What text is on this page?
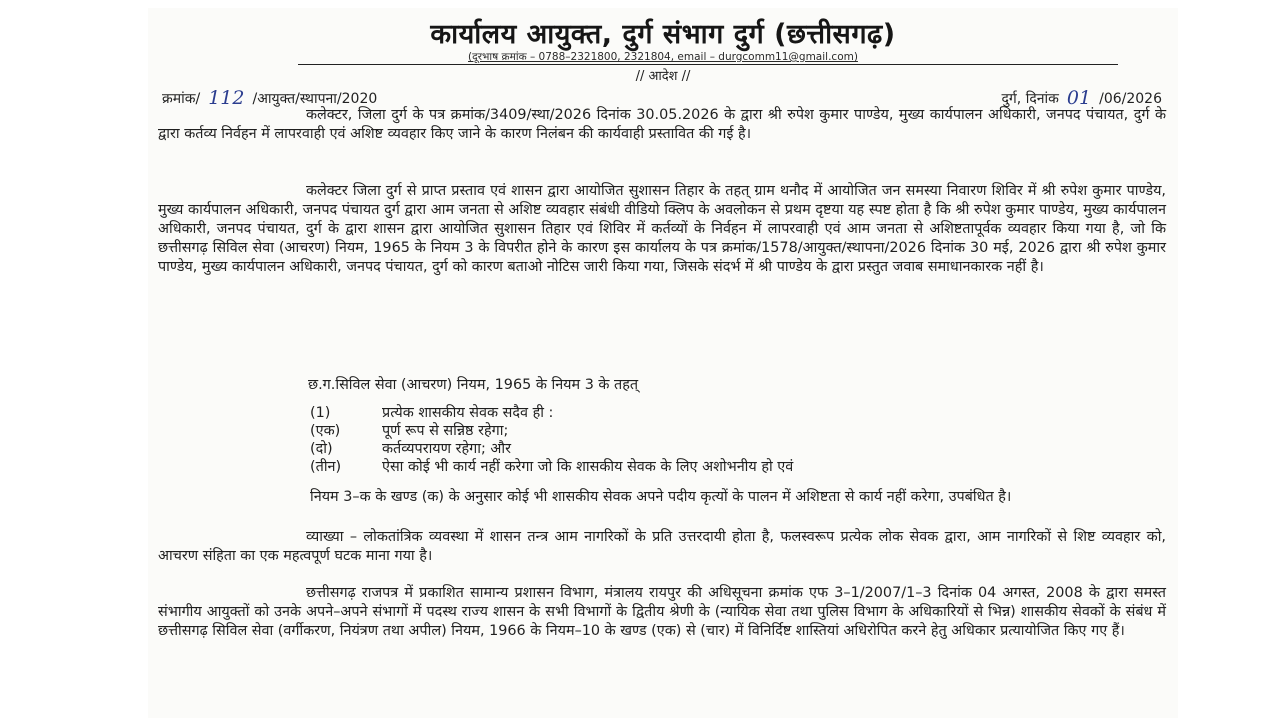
कार्यालय आयुक्त, दुर्ग संभाग दुर्ग (छत्तीसगढ़)
(दूरभाष क्रमांक – 0788–2321800, 2321804, email – durgcomm11@gmail.com)
// आदेश //
क्रमांक/ 112 /आयुक्त/स्थापना/2020	दुर्ग, दिनांक 01 /06/2026

कलेक्टर, जिला दुर्ग के पत्र क्रमांक/3409/स्था/2026 दिनांक 30.05.2026 के द्वारा श्री रुपेश कुमार पाण्डेय, मुख्य कार्यपालन अधिकारी, जनपद पंचायत, दुर्ग के द्वारा कर्तव्य निर्वहन में लापरवाही एवं अशिष्ट व्यवहार किए जाने के कारण निलंबन की कार्यवाही प्रस्तावित की गई है।

कलेक्टर जिला दुर्ग से प्राप्त प्रस्ताव एवं शासन द्वारा आयोजित सुशासन तिहार के तहत् ग्राम थनौद में आयोजित जन समस्या निवारण शिविर में श्री रुपेश कुमार पाण्डेय, मुख्य कार्यपालन अधिकारी, जनपद पंचायत दुर्ग द्वारा आम जनता से अशिष्ट व्यवहार संबंधी वीडियो क्लिप के अवलोकन से प्रथम दृष्टया यह स्पष्ट होता है कि श्री रुपेश कुमार पाण्डेय, मुख्य कार्यपालन अधिकारी, जनपद पंचायत, दुर्ग के द्वारा शासन द्वारा आयोजित सुशासन तिहार एवं शिविर में कर्तव्यों के निर्वहन में लापरवाही एवं आम जनता से अशिष्टतापूर्वक व्यवहार किया गया है, जो कि छत्तीसगढ़ सिविल सेवा (आचरण) नियम, 1965 के नियम 3 के विपरीत होने के कारण इस कार्यालय के पत्र क्रमांक/1578/आयुक्त/स्थापना/2026 दिनांक 30 मई, 2026 द्वारा श्री रुपेश कुमार पाण्डेय, मुख्य कार्यपालन अधिकारी, जनपद पंचायत, दुर्ग को कारण बताओ नोटिस जारी किया गया, जिसके संदर्भ में श्री पाण्डेय के द्वारा प्रस्तुत जवाब समाधानकारक नहीं है।

छ.ग.सिविल सेवा (आचरण) नियम, 1965 के नियम 3 के तहत्

(1)	प्रत्येक शासकीय सेवक सदैव ही :
(एक)	पूर्ण रूप से सन्निष्ठ रहेगा;
(दो)	कर्तव्यपरायण रहेगा; और
(तीन)	ऐसा कोई भी कार्य नहीं करेगा जो कि शासकीय सेवक के लिए अशोभनीय हो एवं

नियम 3–क के खण्ड (क) के अनुसार कोई भी शासकीय सेवक अपने पदीय कृत्यों के पालन में अशिष्टता से कार्य नहीं करेगा, उपबंधित है।

व्याख्या – लोकतांत्रिक व्यवस्था में शासन तन्त्र आम नागरिकों के प्रति उत्तरदायी होता है, फलस्वरूप प्रत्येक लोक सेवक द्वारा, आम नागरिकों से शिष्ट व्यवहार को, आचरण संहिता का एक महत्वपूर्ण घटक माना गया है।

छत्तीसगढ़ राजपत्र में प्रकाशित सामान्य प्रशासन विभाग, मंत्रालय रायपुर की अधिसूचना क्रमांक एफ 3–1/2007/1–3 दिनांक 04 अगस्त, 2008 के द्वारा समस्त संभागीय आयुक्तों को उनके अपने–अपने संभागों में पदस्थ राज्य शासन के सभी विभागों के द्वितीय श्रेणी के (न्यायिक सेवा तथा पुलिस विभाग के अधिकारियों से भिन्न) शासकीय सेवकों के संबंध में छत्तीसगढ़ सिविल सेवा (वर्गीकरण, नियंत्रण तथा अपील) नियम, 1966 के नियम–10 के खण्ड (एक) से (चार) में विनिर्दिष्ट शास्तियां अधिरोपित करने हेतु अधिकार प्रत्यायोजित किए गए हैं।
